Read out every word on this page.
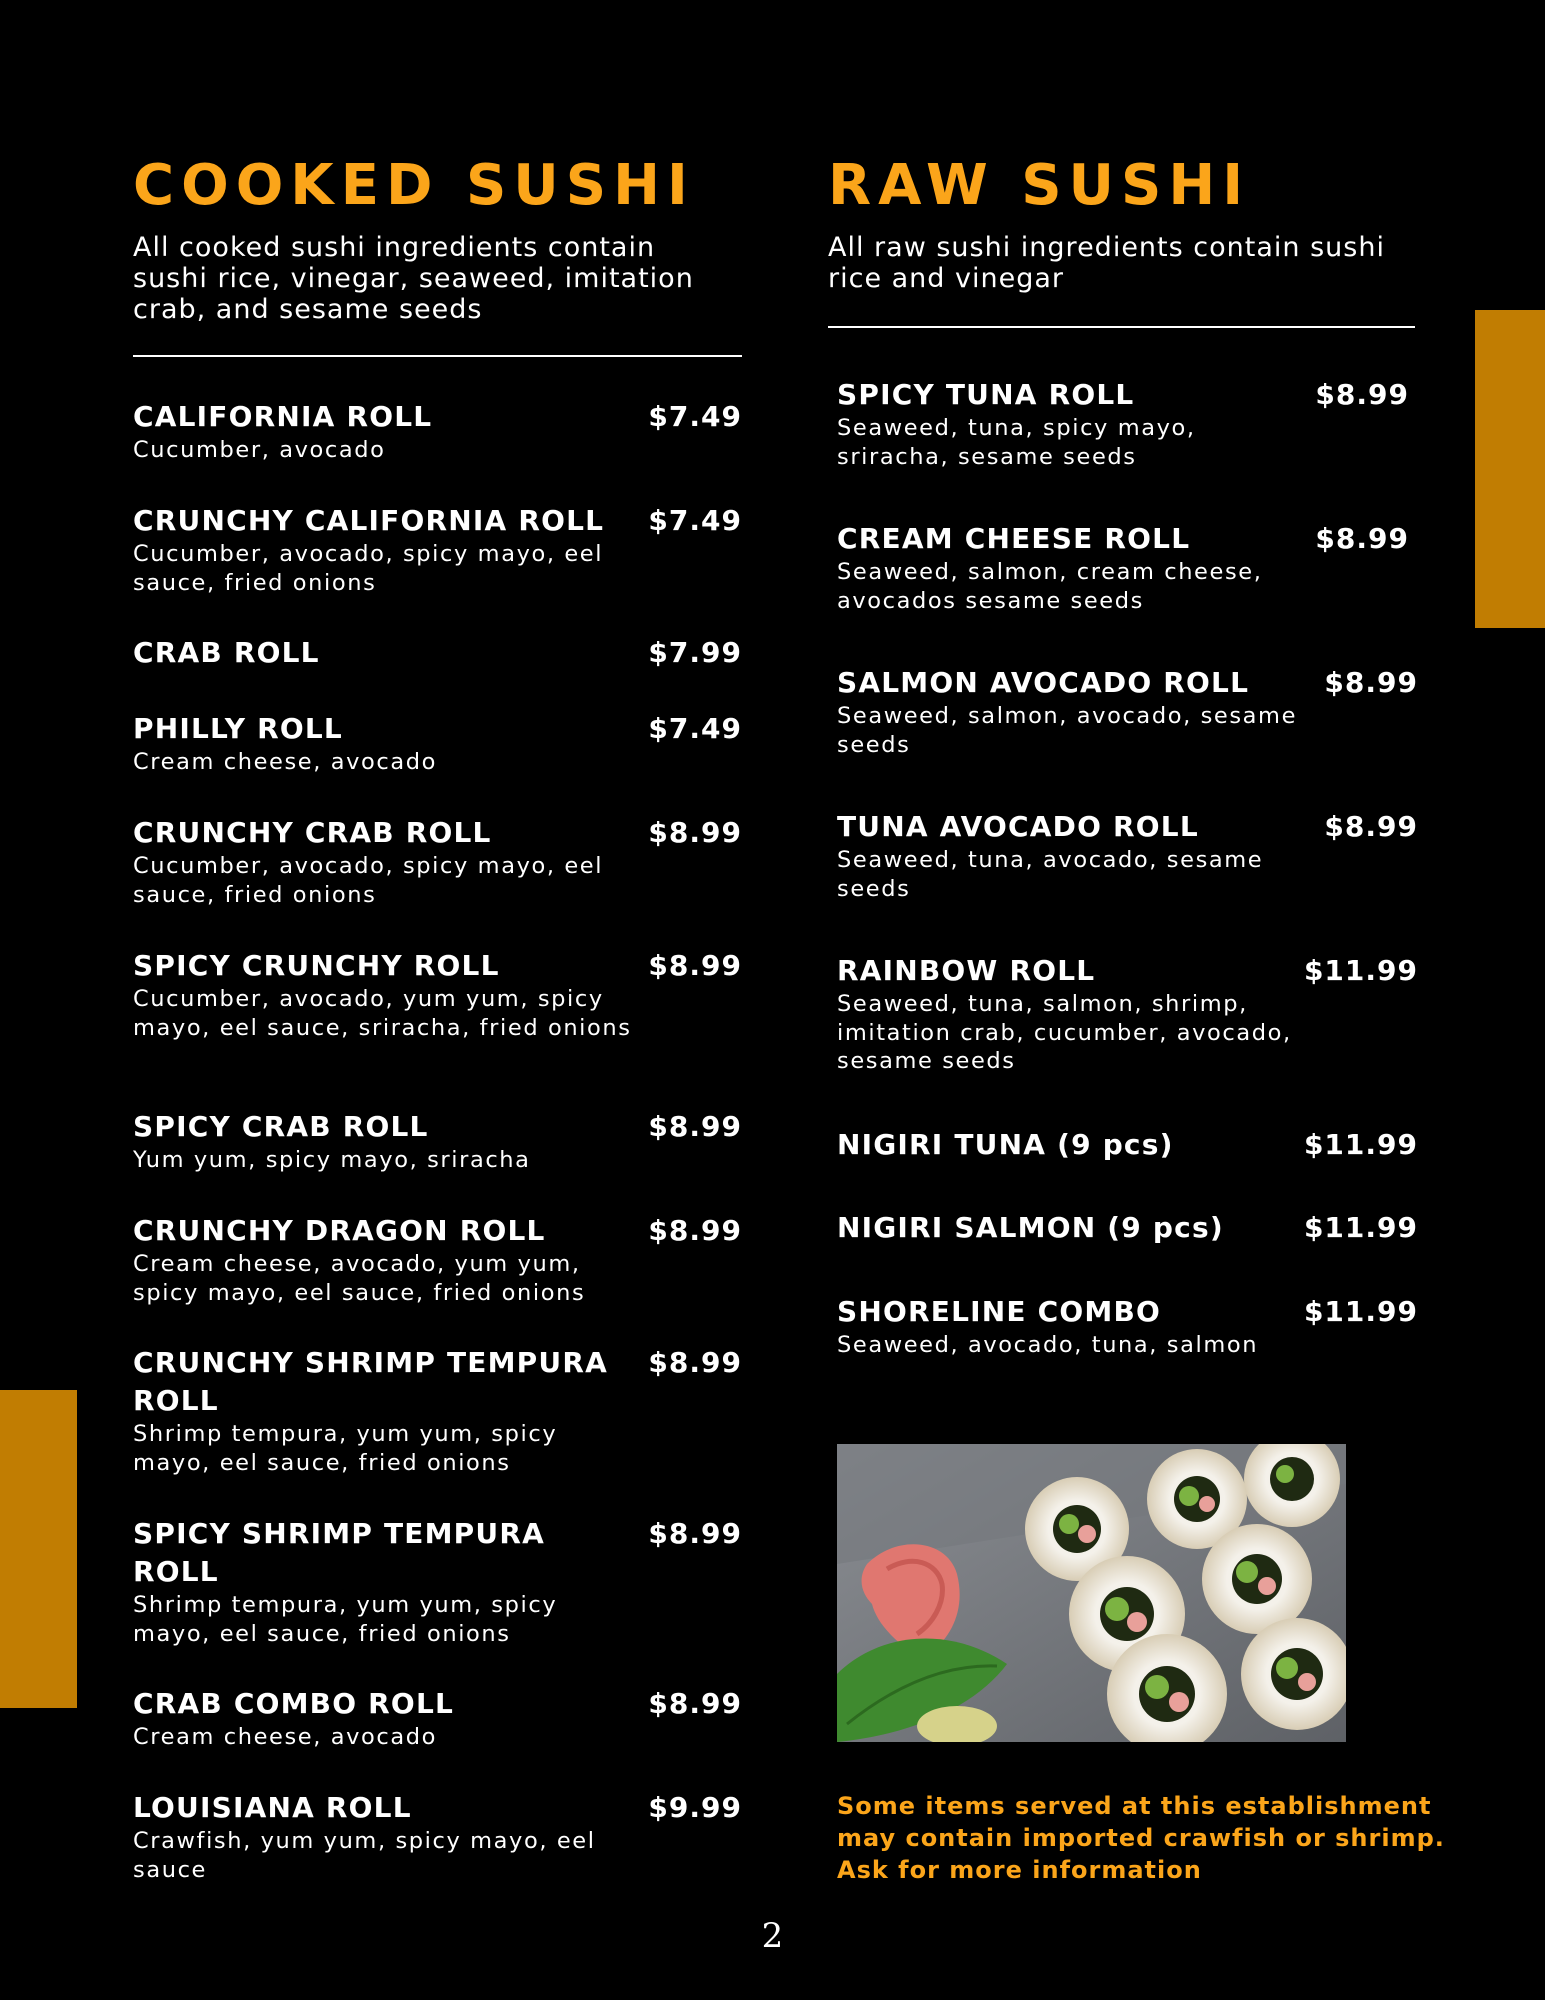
COOKED SUSHI

All cooked sushi ingredients contain sushi rice, vinegar, seaweed, imitation crab, and sesame seeds

CALIFORNIA ROLL	$7.49
Cucumber, avocado
CRUNCHY CALIFORNIA ROLL	$7.49
Cucumber, avocado, spicy mayo, eel sauce, fried onions
CRAB ROLL	$7.99
PHILLY ROLL	$7.49
Cream cheese, avocado
CRUNCHY CRAB ROLL	$8.99
Cucumber, avocado, spicy mayo, eel sauce, fried onions
SPICY CRUNCHY ROLL	$8.99
Cucumber, avocado, yum yum, spicy mayo, eel sauce, sriracha, fried onions
SPICY CRAB ROLL	$8.99
Yum yum, spicy mayo, sriracha
CRUNCHY DRAGON ROLL	$8.99
Cream cheese, avocado, yum yum, spicy mayo, eel sauce, fried onions
CRUNCHY SHRIMP TEMPURA ROLL
$8.99
Shrimp tempura, yum yum, spicy mayo, eel sauce, fried onions
SPICY SHRIMP TEMPURA ROLL
$8.99
Shrimp tempura, yum yum, spicy mayo, eel sauce, fried onions
CRAB COMBO ROLL	$8.99
Cream cheese, avocado
LOUISIANA ROLL	$9.99
Crawfish, yum yum, spicy mayo, eel sauce
RAW SUSHI

All raw sushi ingredients contain sushi rice and vinegar

SPICY TUNA ROLL	$8.99
Seaweed, tuna, spicy mayo, sriracha, sesame seeds
CREAM CHEESE ROLL	$8.99
Seaweed, salmon, cream cheese, avocados sesame seeds
SALMON AVOCADO ROLL	$8.99
Seaweed, salmon, avocado, sesame seeds
TUNA AVOCADO ROLL	$8.99
Seaweed, tuna, avocado, sesame seeds
RAINBOW ROLL	$11.99
Seaweed, tuna, salmon, shrimp, imitation crab, cucumber, avocado, sesame seeds
NIGIRI TUNA (9 pcs)	$11.99
NIGIRI SALMON (9 pcs)	$11.99
SHORELINE COMBO	$11.99
Seaweed, avocado, tuna, salmon
Some items served at this establishment may contain imported crawfish or shrimp. Ask for more information
2
